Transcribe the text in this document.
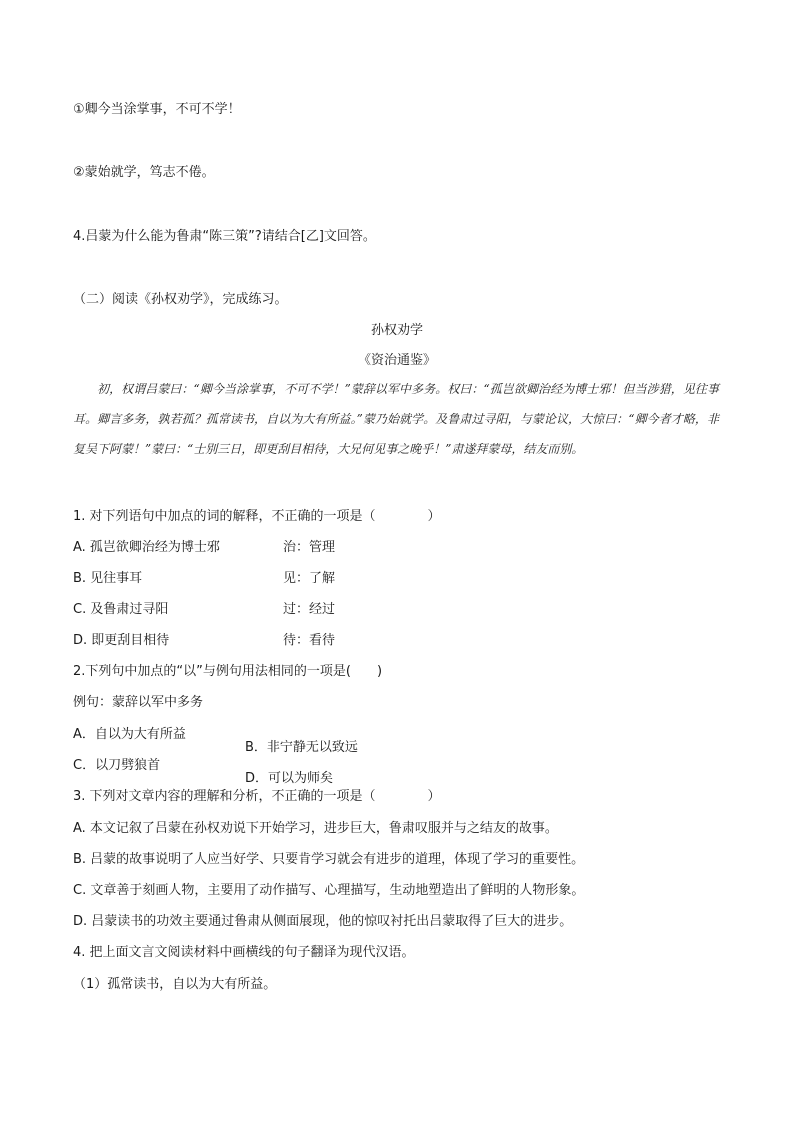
①卿今当涂掌事，不可不学！

②蒙始就学，笃志不倦。

4.吕蒙为什么能为鲁肃“陈三策”?请结合[乙]文回答。

（二）阅读《孙权劝学》，完成练习。

孙权劝学

《资治通鉴》

初，权谓吕蒙曰：“卿今当涂掌事，不可不学！”蒙辞以军中多务。权曰：“孤岂欲卿治经为博士邪！但当涉猎，见往事耳。卿言多务，孰若孤？孤常读书，自以为大有所益。”蒙乃始就学。及鲁肃过寻阳，与蒙论议，大惊曰：“卿今者才略，非复吴下阿蒙！”蒙曰：“士别三日，即更刮目相待，大兄何见事之晚乎！”肃遂拜蒙母，结友而别。

1. 对下列语句中加点的词的解释，不正确的一项是（　　　　）

A. 孤岂欲卿治经为博士邪	治：管理

B. 见往事耳	见：了解

C. 及鲁肃过寻阳	过：经过

D. 即更刮目相待	待：看待

2.下列句中加点的“以”与例句用法相同的一项是(　　)

例句：蒙辞以军中多务

A．自以为大有所益

B．非宁静无以致远

C．以刀劈狼首

D．可以为师矣

3. 下列对文章内容的理解和分析，不正确的一项是（　　　　）

A. 本文记叙了吕蒙在孙权劝说下开始学习，进步巨大，鲁肃叹服并与之结友的故事。

B. 吕蒙的故事说明了人应当好学、只要肯学习就会有进步的道理，体现了学习的重要性。

C. 文章善于刻画人物，主要用了动作描写、心理描写，生动地塑造出了鲜明的人物形象。

D. 吕蒙读书的功效主要通过鲁肃从侧面展现，他的惊叹衬托出吕蒙取得了巨大的进步。

4. 把上面文言文阅读材料中画横线的句子翻译为现代汉语。

（1）孤常读书，自以为大有所益。
